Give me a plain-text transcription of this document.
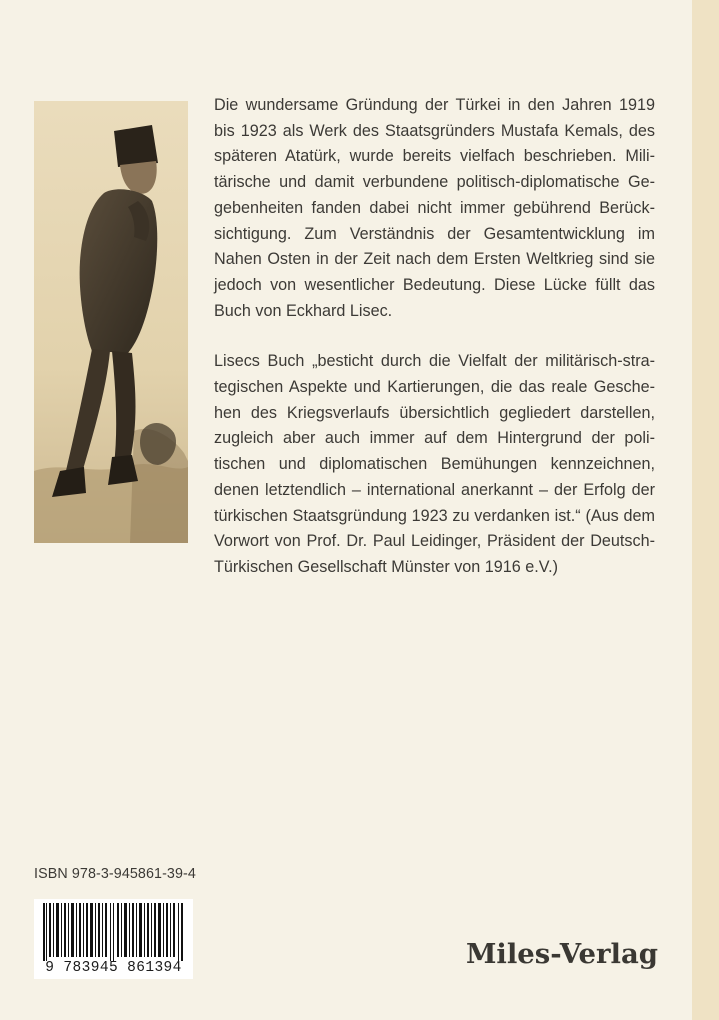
Die wundersame Gründung der Türkei in den Jahren 1919 bis 1923 als Werk des Staatsgründers Mustafa Kemals, des späteren Atatürk, wurde bereits vielfach beschrieben. Militärische und damit verbundene politisch-diplomatische Gegebenheiten fanden dabei nicht immer gebührend Berücksichtigung. Zum Verständnis der Gesamtentwicklung im Nahen Osten in der Zeit nach dem Ersten Weltkrieg sind sie jedoch von wesentlicher Bedeutung. Diese Lücke füllt das Buch von Eckhard Lisec.

Lisecs Buch „besticht durch die Vielfalt der militärisch-strategischen Aspekte und Kartierungen, die das reale Geschehen des Kriegsverlaufs übersichtlich gegliedert darstellen, zugleich aber auch immer auf dem Hintergrund der politischen und diplomatischen Bemühungen kennzeichnen, denen letztendlich – international anerkannt – der Erfolg der türkischen Staatsgründung 1923 zu verdanken ist.“ (Aus dem Vorwort von Prof. Dr. Paul Leidinger, Präsident der Deutsch-Türkischen Gesellschaft Münster von 1916 e.V.)

ISBN 978-3-945861-39-4
9 783945 861394	Miles-Verlag
